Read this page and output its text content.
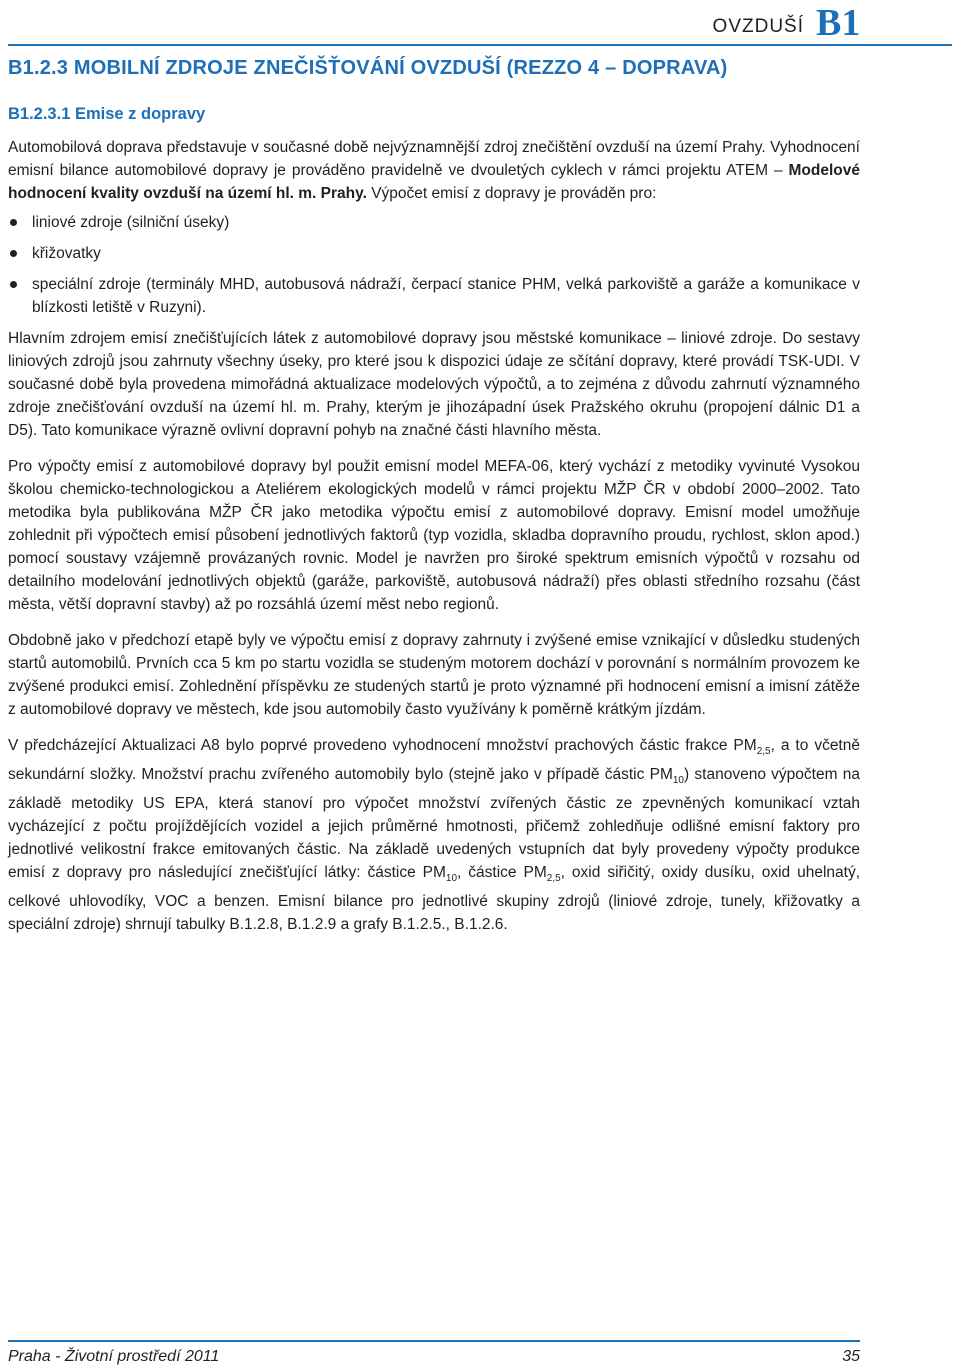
OVZDUŠÍ B1
B1.2.3 MOBILNÍ ZDROJE ZNEČIŠŤOVÁNÍ OVZDUŠÍ (REZZO 4 – DOPRAVA)
B1.2.3.1 Emise z dopravy

Automobilová doprava představuje v současné době nejvýznamnější zdroj znečištění ovzduší na území Prahy. Vyhodnocení emisní bilance automobilové dopravy je prováděno pravidelně ve dvouletých cyklech v rámci projektu ATEM – Modelové hodnocení kvality ovzduší na území hl. m. Prahy. Výpočet emisí z dopravy je prováděn pro:

liniové zdroje (silniční úseky)
křižovatky
speciální zdroje (terminály MHD, autobusová nádraží, čerpací stanice PHM, velká parkoviště a garáže a komunikace v blízkosti letiště v Ruzyni).

Hlavním zdrojem emisí znečišťujících látek z automobilové dopravy jsou městské komunikace – liniové zdroje. Do sestavy liniových zdrojů jsou zahrnuty všechny úseky, pro které jsou k dispozici údaje ze sčítání dopravy, které provádí TSK-UDI. V současné době byla provedena mimořádná aktualizace modelových výpočtů, a to zejména z důvodu zahrnutí významného zdroje znečišťování ovzduší na území hl. m. Prahy, kterým je jihozápadní úsek Pražského okruhu (propojení dálnic D1 a D5). Tato komunikace výrazně ovlivní dopravní pohyb na značné části hlavního města.

Pro výpočty emisí z automobilové dopravy byl použit emisní model MEFA-06, který vychází z metodiky vyvinuté Vysokou školou chemicko-technologickou a Ateliérem ekologických modelů v rámci projektu MŽP ČR v období 2000–2002. Tato metodika byla publikována MŽP ČR jako metodika výpočtu emisí z automobilové dopravy. Emisní model umožňuje zohlednit při výpočtech emisí působení jednotlivých faktorů (typ vozidla, skladba dopravního proudu, rychlost, sklon apod.) pomocí soustavy vzájemně provázaných rovnic. Model je navržen pro široké spektrum emisních výpočtů v rozsahu od detailního modelování jednotlivých objektů (garáže, parkoviště, autobusová nádraží) přes oblasti středního rozsahu (část města, větší dopravní stavby) až po rozsáhlá území měst nebo regionů.

Obdobně jako v předchozí etapě byly ve výpočtu emisí z dopravy zahrnuty i zvýšené emise vznikající v důsledku studených startů automobilů. Prvních cca 5 km po startu vozidla se studeným motorem dochází v porovnání s normálním provozem ke zvýšené produkci emisí. Zohlednění příspěvku ze studených startů je proto významné při hodnocení emisní a imisní zátěže z automobilové dopravy ve městech, kde jsou automobily často využívány k poměrně krátkým jízdám.

V předcházející Aktualizaci A8 bylo poprvé provedeno vyhodnocení množství prachových částic frakce $PM_{2,5}$, a to včetně sekundární složky. Množství prachu zvířeného automobily bylo (stejně jako v případě částic $PM_{10}$) stanoveno výpočtem na základě metodiky US EPA, která stanoví pro výpočet množství zvířených částic ze zpevněných komunikací vztah vycházející z počtu projíždějících vozidel a jejich průměrné hmotnosti, přičemž zohledňuje odlišné emisní faktory pro jednotlivé velikostní frakce emitovaných částic. Na základě uvedených vstupních dat byly provedeny výpočty produkce emisí z dopravy pro následující znečišťující látky: částice $PM_{10}$, částice $PM_{2,5}$, oxid siřičitý, oxidy dusíku, oxid uhelnatý, celkové uhlovodíky, VOC a benzen. Emisní bilance pro jednotlivé skupiny zdrojů (liniové zdroje, tunely, křižovatky a speciální zdroje) shrnují tabulky B.1.2.8, B.1.2.9 a grafy B.1.2.5., B.1.2.6.

Praha - Životní prostředí 2011	35
